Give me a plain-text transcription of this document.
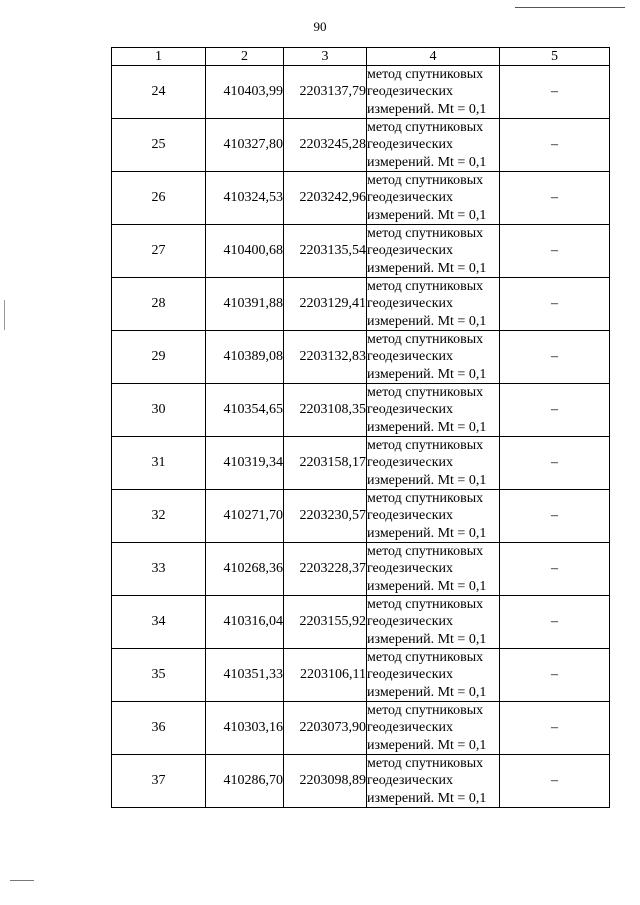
90
1	2	3	4	5
24	410403,99	2203137,79	метод спутниковых
геодезических
измерений. Mt = 0,1	–
25	410327,80	2203245,28	метод спутниковых
геодезических
измерений. Mt = 0,1	–
26	410324,53	2203242,96	метод спутниковых
геодезических
измерений. Mt = 0,1	–
27	410400,68	2203135,54	метод спутниковых
геодезических
измерений. Mt = 0,1	–
28	410391,88	2203129,41	метод спутниковых
геодезических
измерений. Mt = 0,1	–
29	410389,08	2203132,83	метод спутниковых
геодезических
измерений. Mt = 0,1	–
30	410354,65	2203108,35	метод спутниковых
геодезических
измерений. Mt = 0,1	–
31	410319,34	2203158,17	метод спутниковых
геодезических
измерений. Mt = 0,1	–
32	410271,70	2203230,57	метод спутниковых
геодезических
измерений. Mt = 0,1	–
33	410268,36	2203228,37	метод спутниковых
геодезических
измерений. Mt = 0,1	–
34	410316,04	2203155,92	метод спутниковых
геодезических
измерений. Mt = 0,1	–
35	410351,33	2203106,11	метод спутниковых
геодезических
измерений. Mt = 0,1	–
36	410303,16	2203073,90	метод спутниковых
геодезических
измерений. Mt = 0,1	–
37	410286,70	2203098,89	метод спутниковых
геодезических
измерений. Mt = 0,1	–
